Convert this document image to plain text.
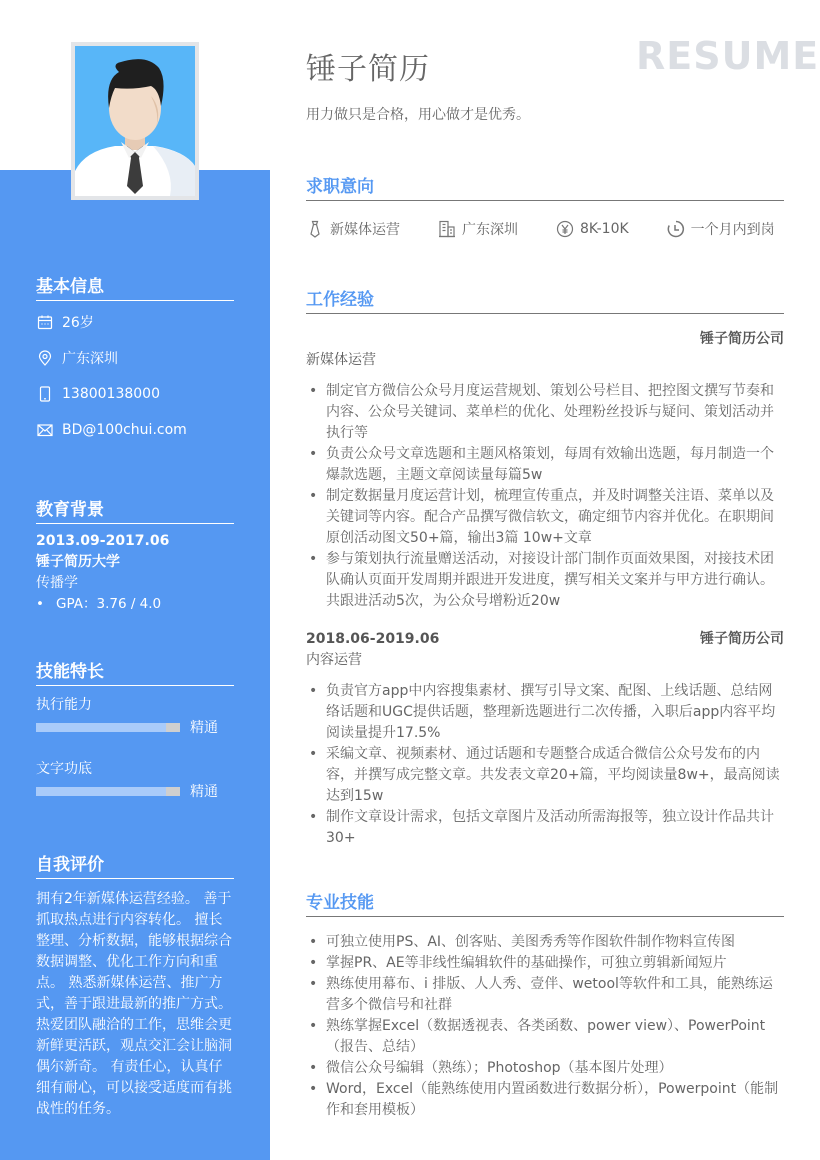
锤子简历	RESUME
用力做只是合格，用心做才是优秀。
基本信息
26岁
广东深圳
13800138000
BD@100chui.com
教育背景
2013.09-2017.06
锤子简历大学
传播学
• GPA：3.76 / 4.0
技能特长
执行能力
精通
文字功底
精通
自我评价
拥有2年新媒体运营经验。 善于抓取热点进行内容转化。 擅长整理、分析数据，能够根据综合数据调整、优化工作方向和重点。 熟悉新媒体运营、推广方式，善于跟进最新的推广方式。热爱团队融洽的工作，思维会更新鲜更活跃，观点交汇会让脑洞偶尔新奇。 有责任心，认真仔细有耐心，可以接受适度而有挑战性的任务。
求职意向
新媒体运营	广东深圳	8K-10K	一个月内到岗
工作经验
锤子简历公司
新媒体运营
• 制定官方微信公众号月度运营规划、策划公号栏目、把控图文撰写节奏和内容、公众号关键词、菜单栏的优化、处理粉丝投诉与疑问、策划活动并执行等
• 负责公众号文章选题和主题风格策划，每周有效输出选题，每月制造一个爆款选题，主题文章阅读量每篇5w
• 制定数据量月度运营计划，梳理宣传重点，并及时调整关注语、菜单以及关键词等内容。配合产品撰写微信软文，确定细节内容并优化。在职期间原创活动图文50+篇，输出3篇 10w+文章
• 参与策划执行流量赠送活动，对接设计部门制作页面效果图，对接技术团队确认页面开发周期并跟进开发进度，撰写相关文案并与甲方进行确认。共跟进活动5次，为公众号增粉近20w
2018.06-2019.06	锤子简历公司
内容运营
• 负责官方app中内容搜集素材、撰写引导文案、配图、上线话题、总结网络话题和UGC提供话题，整理新选题进行二次传播，入职后app内容平均阅读量提升17.5%
• 采编文章、视频素材、通过话题和专题整合成适合微信公众号发布的内容，并撰写成完整文章。共发表文章20+篇，平均阅读量8w+，最高阅读达到15w
• 制作文章设计需求，包括文章图片及活动所需海报等，独立设计作品共计30+
专业技能
• 可独立使用PS、AI、创客贴、美图秀秀等作图软件制作物料宣传图
• 掌握PR、AE等非线性编辑软件的基础操作，可独立剪辑新闻短片
• 熟练使用幕布、i 排版、人人秀、壹伴、wetool等软件和工具，能熟练运营多个微信号和社群
• 熟练掌握Excel（数据透视表、各类函数、power view）、PowerPoint（报告、总结）
• 微信公众号编辑（熟练）；Photoshop（基本图片处理）
• Word，Excel（能熟练使用内置函数进行数据分析），Powerpoint（能制作和套用模板）
